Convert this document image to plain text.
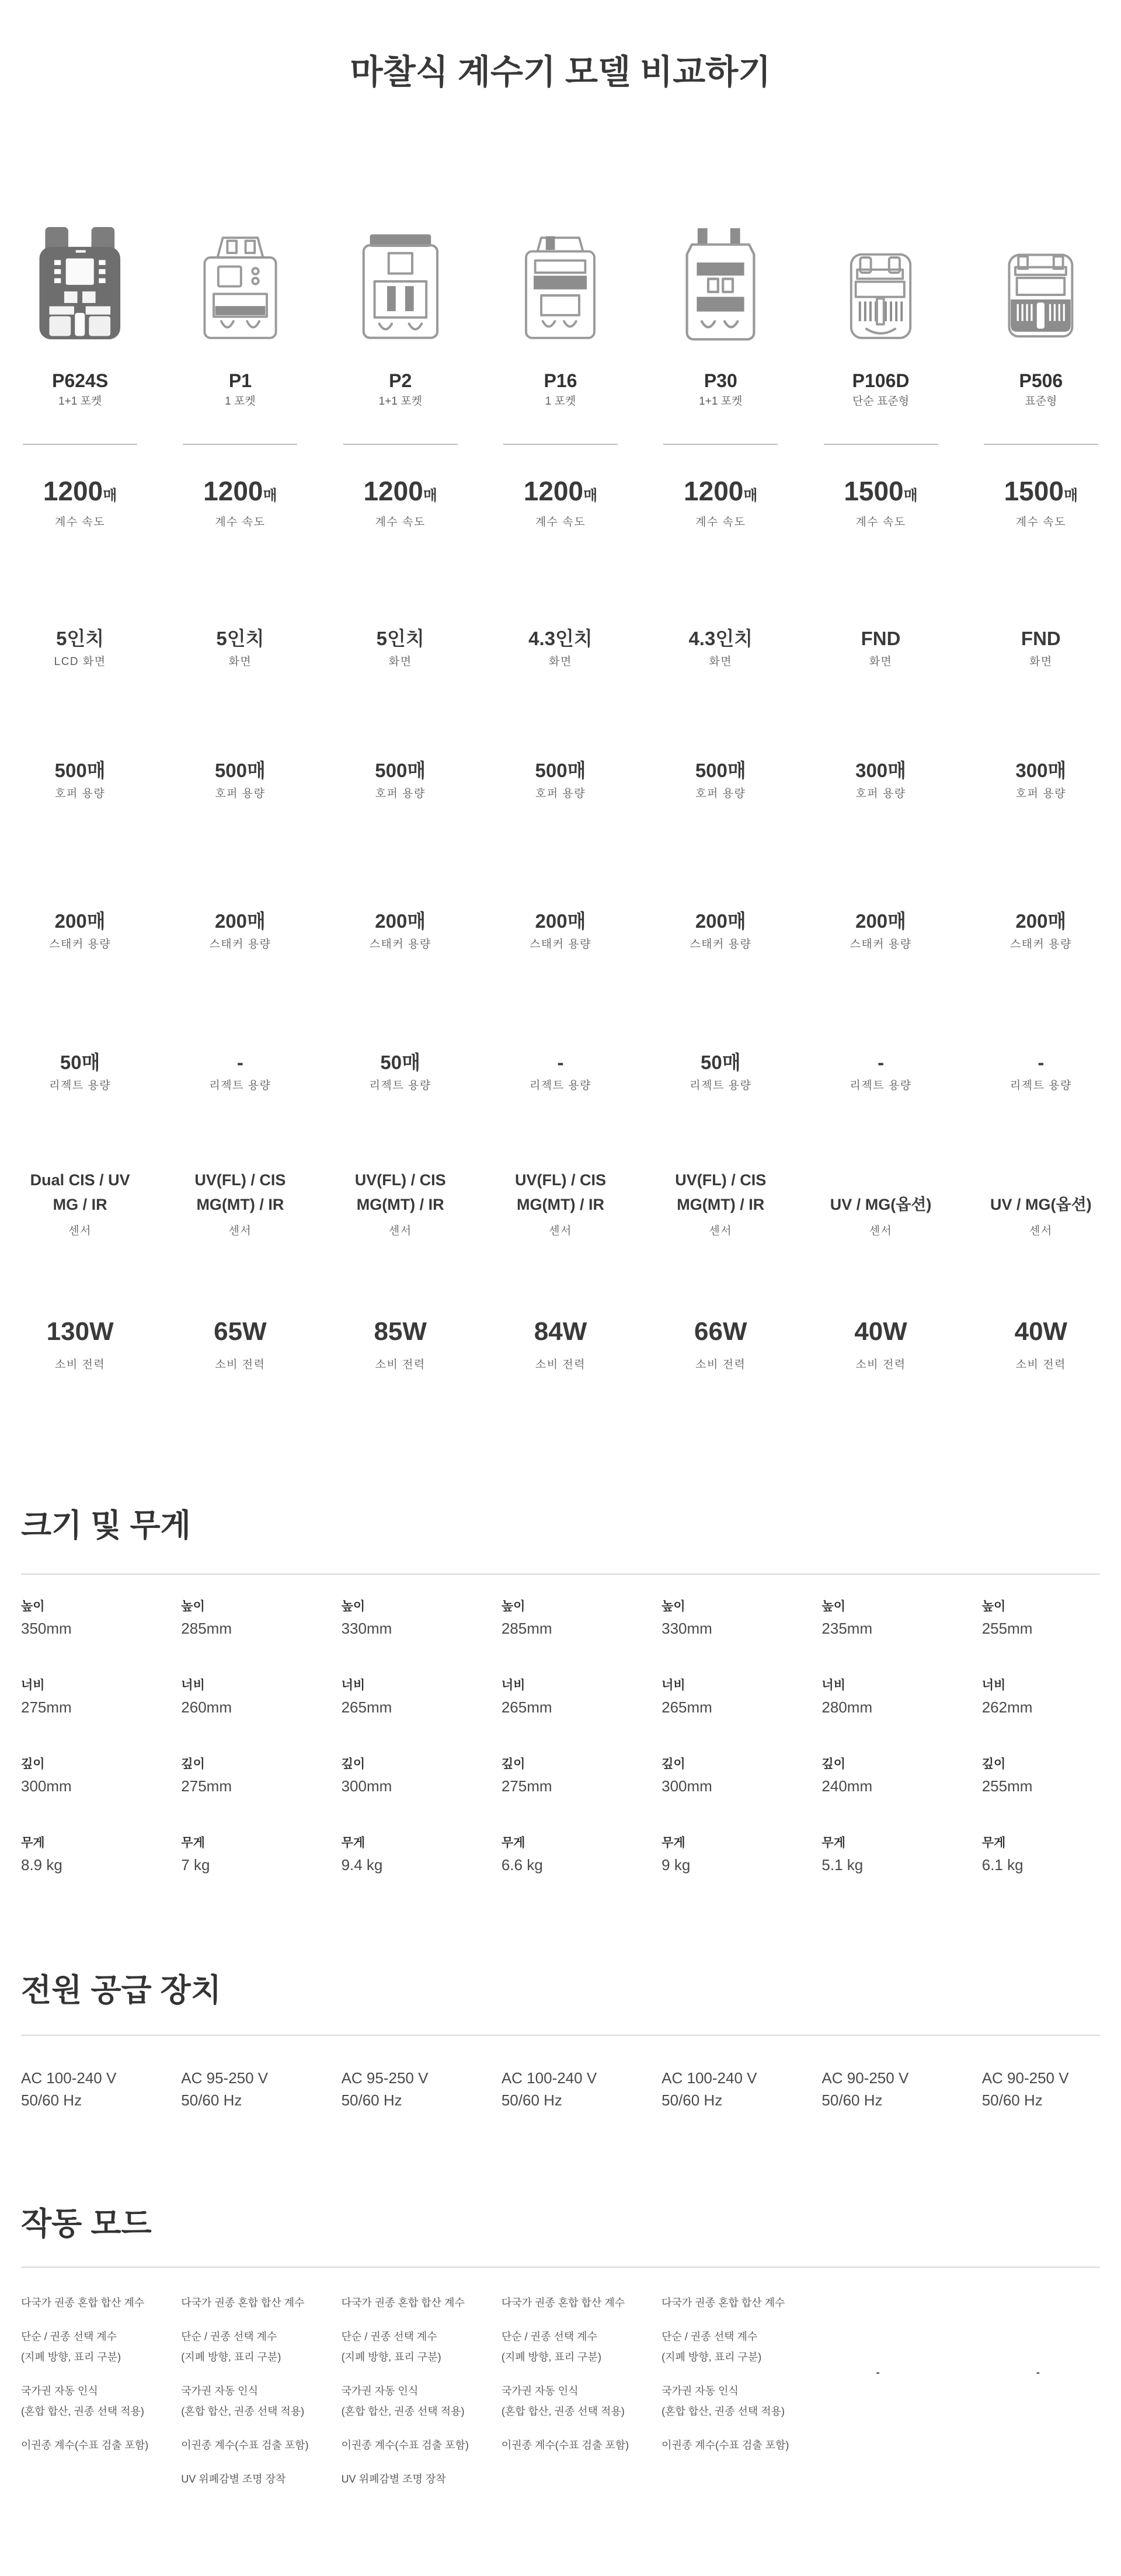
마찰식 계수기 모델 비교하기
P624S
1+1 포켓
P1
1 포켓
P2
1+1 포켓
P16
1 포켓
P30
1+1 포켓
P106D
단순 표준형
P506
표준형
1200매
계수 속도
1200매
계수 속도
1200매
계수 속도
1200매
계수 속도
1200매
계수 속도
1500매
계수 속도
1500매
계수 속도
5인치
LCD 화면
5인치
화면
5인치
화면
4.3인치
화면
4.3인치
화면
FND
화면
FND
화면
500매
호퍼 용량
500매
호퍼 용량
500매
호퍼 용량
500매
호퍼 용량
500매
호퍼 용량
300매
호퍼 용량
300매
호퍼 용량
200매
스태커 용량
200매
스태커 용량
200매
스태커 용량
200매
스태커 용량
200매
스태커 용량
200매
스태커 용량
200매
스태커 용량
50매
리젝트 용량
-
리젝트 용량
50매
리젝트 용량
-
리젝트 용량
50매
리젝트 용량
-
리젝트 용량
-
리젝트 용량
Dual CIS / UV
MG / IR
센서
UV(FL) / CIS
MG(MT) / IR
센서
UV(FL) / CIS
MG(MT) / IR
센서
UV(FL) / CIS
MG(MT) / IR
센서
UV(FL) / CIS
MG(MT) / IR
센서
UV / MG(옵션)
센서
UV / MG(옵션)
센서
130W
소비 전력
65W
소비 전력
85W
소비 전력
84W
소비 전력
66W
소비 전력
40W
소비 전력
40W
소비 전력
크기 및 무게
높이
350mm
너비
275mm
깊이
300mm
무게
8.9 kg
높이
285mm
너비
260mm
깊이
275mm
무게
7 kg
높이
330mm
너비
265mm
깊이
300mm
무게
9.4 kg
높이
285mm
너비
265mm
깊이
275mm
무게
6.6 kg
높이
330mm
너비
265mm
깊이
300mm
무게
9 kg
높이
235mm
너비
280mm
깊이
240mm
무게
5.1 kg
높이
255mm
너비
262mm
깊이
255mm
무게
6.1 kg
전원 공급 장치
AC 100-240 V
50/60 Hz
AC 95-250 V
50/60 Hz
AC 95-250 V
50/60 Hz
AC 100-240 V
50/60 Hz
AC 100-240 V
50/60 Hz
AC 90-250 V
50/60 Hz
AC 90-250 V
50/60 Hz
작동 모드
다국가 권종 혼합 합산 계수
단순 / 권종 선택 계수
(지폐 방향, 표리 구분)
국가권 자동 인식
(혼합 합산, 권종 선택 적용)
이권종 계수(수표 검출 포함)
다국가 권종 혼합 합산 계수
단순 / 권종 선택 계수
(지폐 방향, 표리 구분)
국가권 자동 인식
(혼합 합산, 권종 선택 적용)
이권종 계수(수표 검출 포함)
UV 위폐감별 조명 장착
다국가 권종 혼합 합산 계수
단순 / 권종 선택 계수
(지폐 방향, 표리 구분)
국가권 자동 인식
(혼합 합산, 권종 선택 적용)
이권종 계수(수표 검출 포함)
UV 위폐감별 조명 장착
다국가 권종 혼합 합산 계수
단순 / 권종 선택 계수
(지폐 방향, 표리 구분)
국가권 자동 인식
(혼합 합산, 권종 선택 적용)
이권종 계수(수표 검출 포함)
다국가 권종 혼합 합산 계수
단순 / 권종 선택 계수
(지폐 방향, 표리 구분)
국가권 자동 인식
(혼합 합산, 권종 선택 적용)
이권종 계수(수표 검출 포함)
-	-
